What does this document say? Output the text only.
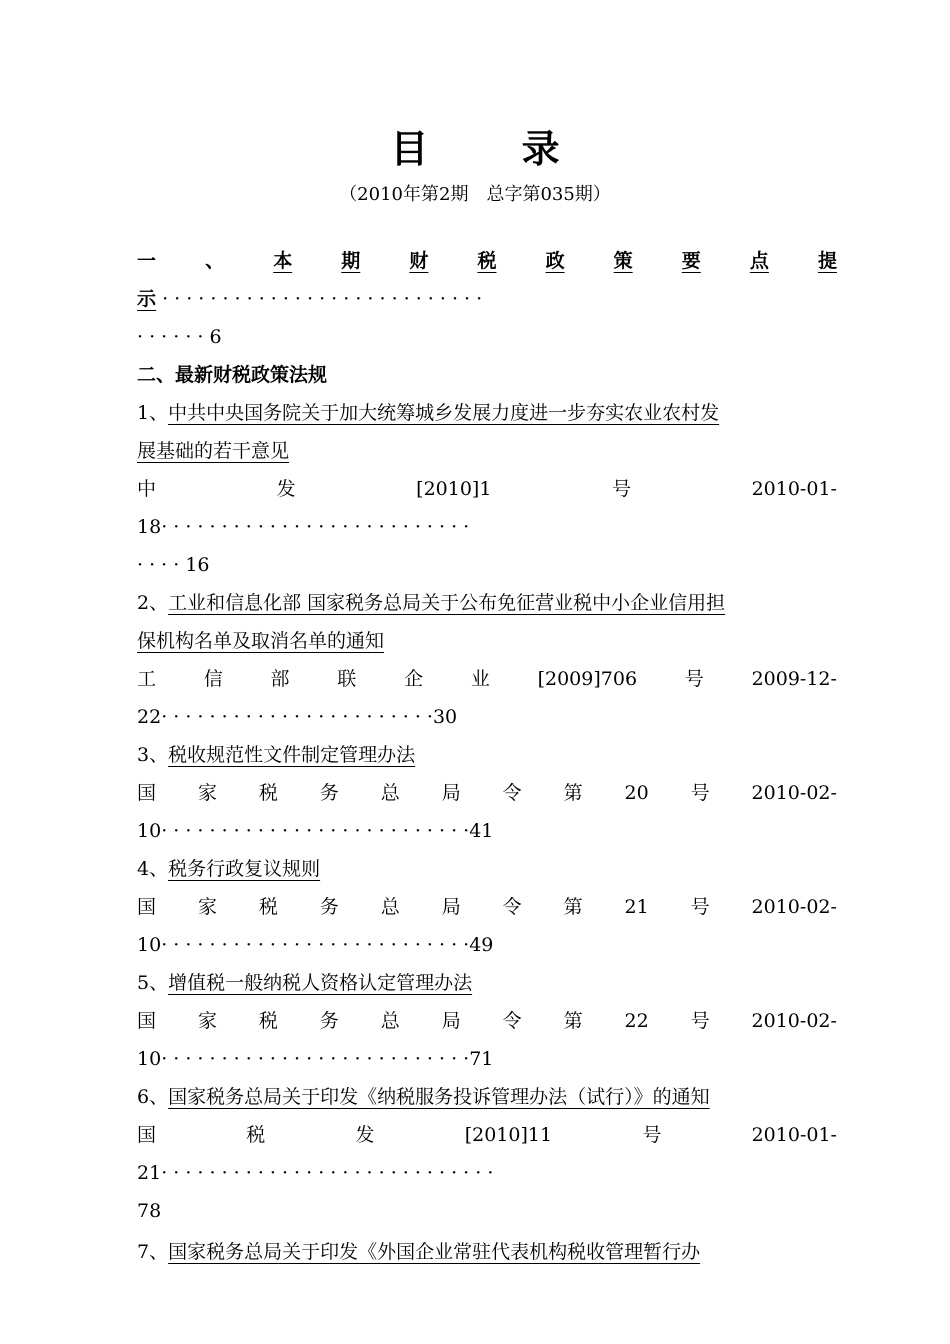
目 录
（2010年第2期　总字第035期）
一	、	本	期	财	税	政	策	要	点	提
示 · · · · · · · · · · · · · · · · · · · · · · · · · · ·
· · · · · · 6
二、最新财税政策法规
1、中共中央国务院关于加大统筹城乡发展力度进一步夯实农业农村发
展基础的若干意见
中	发	[2010]1	号	2010-01-
18· · · · · · · · · · · · · · · · · · · · · · · · · ·
· · · · 16
2、工业和信息化部 国家税务总局关于公布免征营业税中小企业信用担
保机构名单及取消名单的通知
工	信	部	联	企	业	[2009]706	号	2009-12-
22· · · · · · · · · · · · · · · · · · · · · · ·30
3、税收规范性文件制定管理办法
国 家 税 务 总 局 令 第 20 号 2010-02-
10· · · · · · · · · · · · · · · · · · · · · · · · · ·41
4、税务行政复议规则
国 家 税 务 总 局 令 第 21 号 2010-02-
10· · · · · · · · · · · · · · · · · · · · · · · · · ·49
5、增值税一般纳税人资格认定管理办法
国 家 税 务 总 局 令 第 22 号 2010-02-
10· · · · · · · · · · · · · · · · · · · · · · · · · ·71
6、国家税务总局关于印发《纳税服务投诉管理办法（试行）》的通知
国	税	发	[2010]11	号	2010-01-
21· · · · · · · · · · · · · · · · · · · · · · · · · · · ·
78
7、国家税务总局关于印发《外国企业常驻代表机构税收管理暂行办
